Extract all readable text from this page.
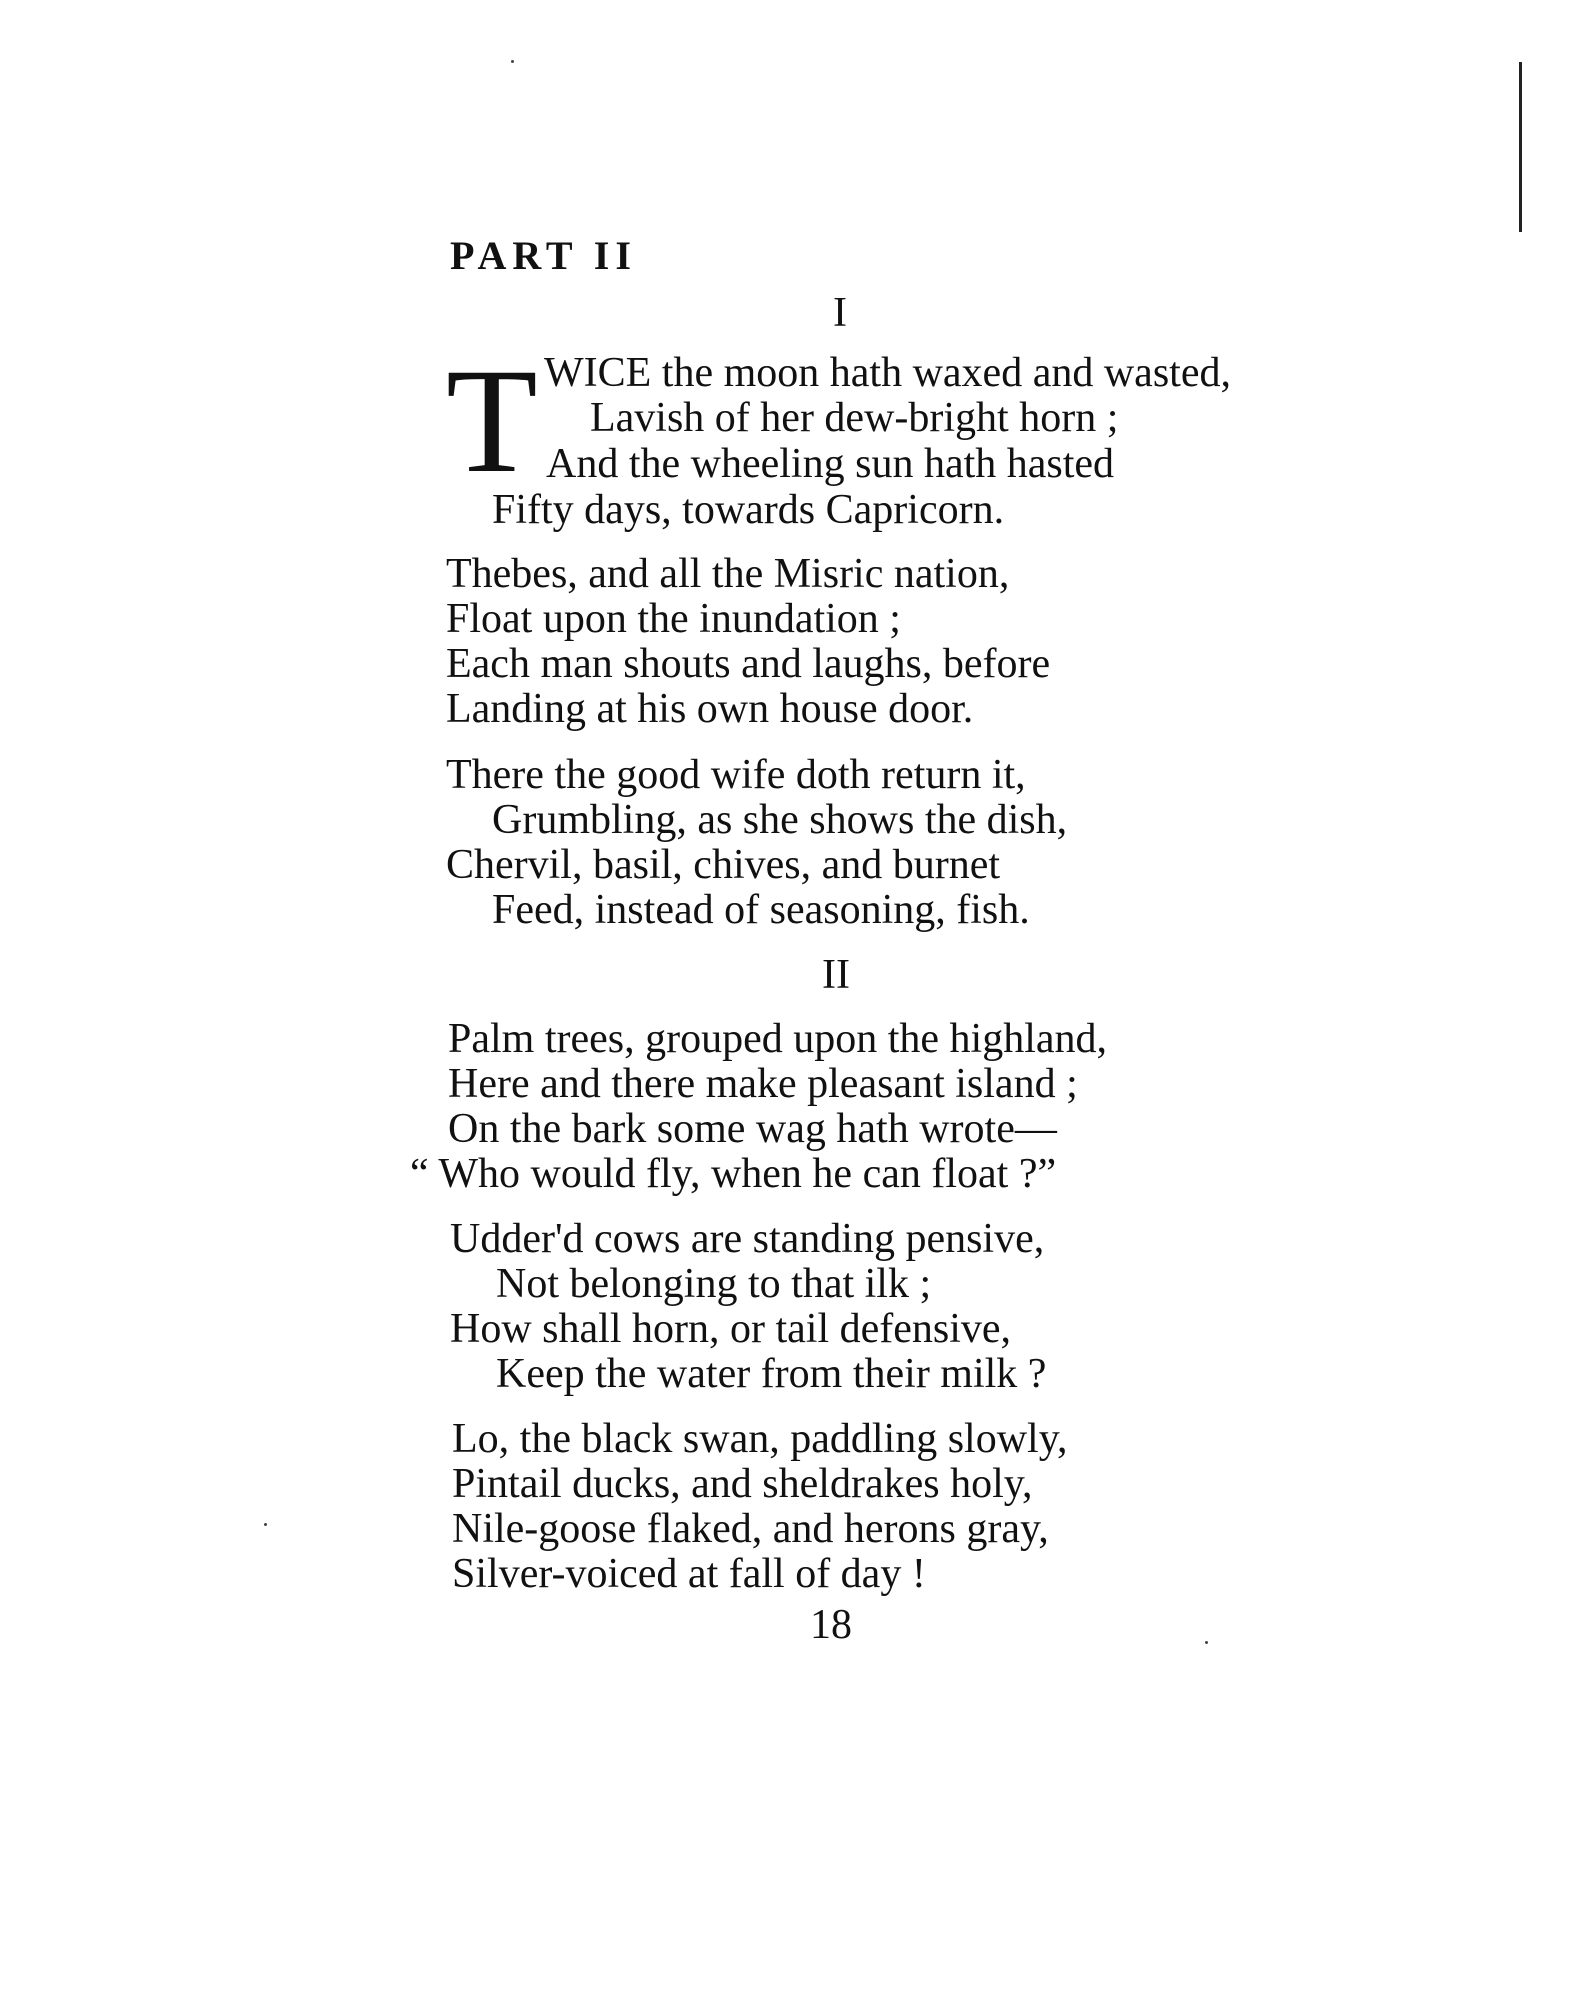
PART II
I
T WICE the moon hath waxed and wasted,
Lavish of her dew-bright horn ;
And the wheeling sun hath hasted
Fifty days, towards Capricorn.
Thebes, and all the Misric nation,
Float upon the inundation ;
Each man shouts and laughs, before
Landing at his own house door.
There the good wife doth return it,
Grumbling, as she shows the dish,
Chervil, basil, chives, and burnet
Feed, instead of seasoning, fish.
II
Palm trees, grouped upon the highland,
Here and there make pleasant island ;
On the bark some wag hath wrote—
“ Who would fly, when he can float ?”
Udder'd cows are standing pensive,
Not belonging to that ilk ;
How shall horn, or tail defensive,
Keep the water from their milk ?
Lo, the black swan, paddling slowly,
Pintail ducks, and sheldrakes holy,
Nile-goose flaked, and herons gray,
Silver-voiced at fall of day !
18
